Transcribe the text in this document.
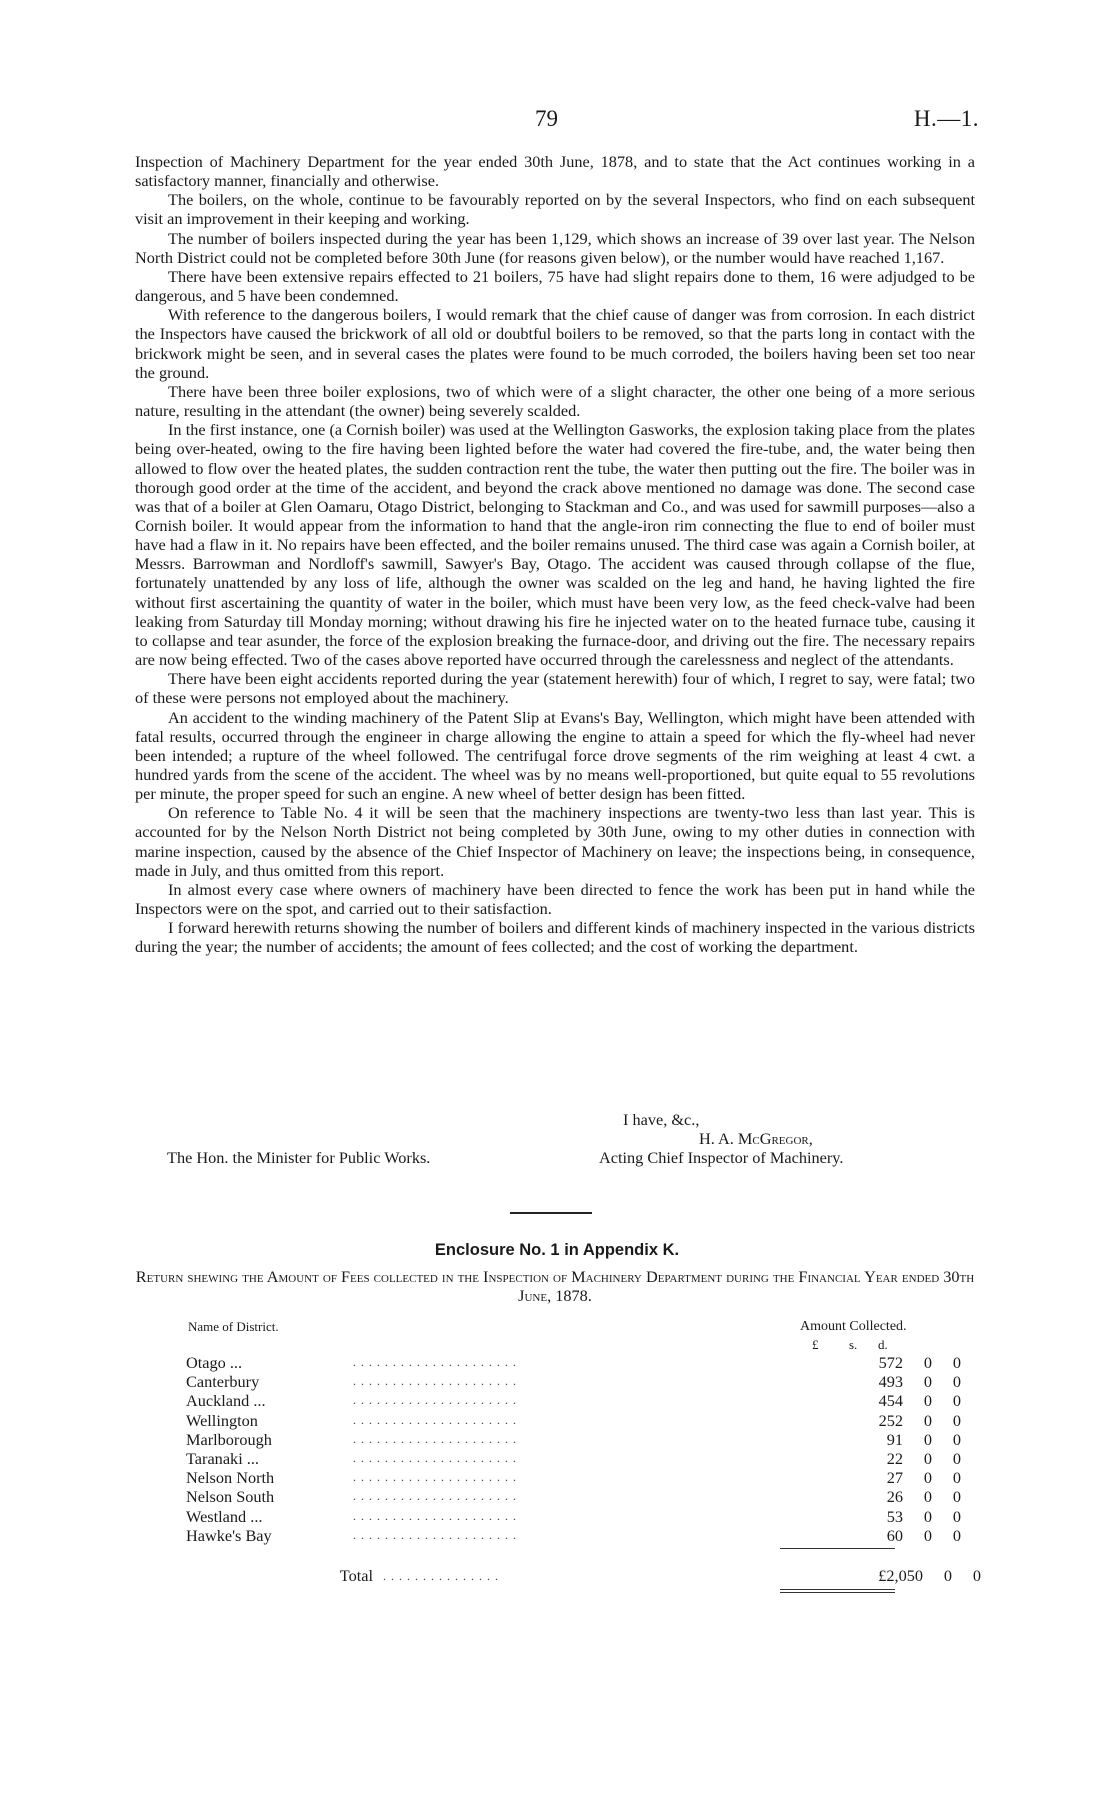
79	H.—1.

Inspection of Machinery Department for the year ended 30th June, 1878, and to state that the Act continues working in a satisfactory manner, financially and otherwise.

The boilers, on the whole, continue to be favourably reported on by the several Inspectors, who find on each subsequent visit an improvement in their keeping and working.

The number of boilers inspected during the year has been 1,129, which shows an increase of 39 over last year. The Nelson North District could not be completed before 30th June (for reasons given below), or the number would have reached 1,167.

There have been extensive repairs effected to 21 boilers, 75 have had slight repairs done to them, 16 were adjudged to be dangerous, and 5 have been condemned.

With reference to the dangerous boilers, I would remark that the chief cause of danger was from corrosion. In each district the Inspectors have caused the brickwork of all old or doubtful boilers to be removed, so that the parts long in contact with the brickwork might be seen, and in several cases the plates were found to be much corroded, the boilers having been set too near the ground.

There have been three boiler explosions, two of which were of a slight character, the other one being of a more serious nature, resulting in the attendant (the owner) being severely scalded.

In the first instance, one (a Cornish boiler) was used at the Wellington Gasworks, the explosion taking place from the plates being over-heated, owing to the fire having been lighted before the water had covered the fire-tube, and, the water being then allowed to flow over the heated plates, the sudden contraction rent the tube, the water then putting out the fire. The boiler was in thorough good order at the time of the accident, and beyond the crack above mentioned no damage was done. The second case was that of a boiler at Glen Oamaru, Otago District, belonging to Stackman and Co., and was used for sawmill purposes—also a Cornish boiler. It would appear from the information to hand that the angle-iron rim connecting the flue to end of boiler must have had a flaw in it. No repairs have been effected, and the boiler remains unused. The third case was again a Cornish boiler, at Messrs. Barrowman and Nordloff's sawmill, Sawyer's Bay, Otago. The accident was caused through collapse of the flue, fortunately unattended by any loss of life, although the owner was scalded on the leg and hand, he having lighted the fire without first ascertaining the quantity of water in the boiler, which must have been very low, as the feed check-valve had been leaking from Saturday till Monday morning; without drawing his fire he injected water on to the heated furnace tube, causing it to collapse and tear asunder, the force of the explosion breaking the furnace-door, and driving out the fire. The necessary repairs are now being effected. Two of the cases above reported have occurred through the carelessness and neglect of the attendants.

There have been eight accidents reported during the year (statement herewith) four of which, I regret to say, were fatal; two of these were persons not employed about the machinery.

An accident to the winding machinery of the Patent Slip at Evans's Bay, Wellington, which might have been attended with fatal results, occurred through the engineer in charge allowing the engine to attain a speed for which the fly-wheel had never been intended; a rupture of the wheel followed. The centrifugal force drove segments of the rim weighing at least 4 cwt. a hundred yards from the scene of the accident. The wheel was by no means well-proportioned, but quite equal to 55 revolutions per minute, the proper speed for such an engine. A new wheel of better design has been fitted.

On reference to Table No. 4 it will be seen that the machinery inspections are twenty-two less than last year. This is accounted for by the Nelson North District not being completed by 30th June, owing to my other duties in connection with marine inspection, caused by the absence of the Chief Inspector of Machinery on leave; the inspections being, in consequence, made in July, and thus omitted from this report.

In almost every case where owners of machinery have been directed to fence the work has been put in hand while the Inspectors were on the spot, and carried out to their satisfaction.

I forward herewith returns showing the number of boilers and different kinds of machinery inspected in the various districts during the year; the number of accidents; the amount of fees collected; and the cost of working the department.

I have, &c.,
H. A. McGregor,
The Hon. the Minister for Public Works.	Acting Chief Inspector of Machinery.
Enclosure No. 1 in Appendix K.
Return shewing the Amount of Fees collected in the Inspection of Machinery Department during the Financial Year ended 30th June, 1878.
Name of District.	Amount Collected.
£ s. d.
Otago ...	. . . . . . . . . . . . . . . . . . . . .	572	0	0
Canterbury	. . . . . . . . . . . . . . . . . . . . .	493	0	0
Auckland ...	. . . . . . . . . . . . . . . . . . . . .	454	0	0
Wellington	. . . . . . . . . . . . . . . . . . . . .	252	0	0
Marlborough	. . . . . . . . . . . . . . . . . . . . .	91	0	0
Taranaki ...	. . . . . . . . . . . . . . . . . . . . .	22	0	0
Nelson North	. . . . . . . . . . . . . . . . . . . . .	27	0	0
Nelson South	. . . . . . . . . . . . . . . . . . . . .	26	0	0
Westland ...	. . . . . . . . . . . . . . . . . . . . .	53	0	0
Hawke's Bay	. . . . . . . . . . . . . . . . . . . . .	60	0	0
Total	. . . . . . . . . . . . . . .	£2,050	0	0
